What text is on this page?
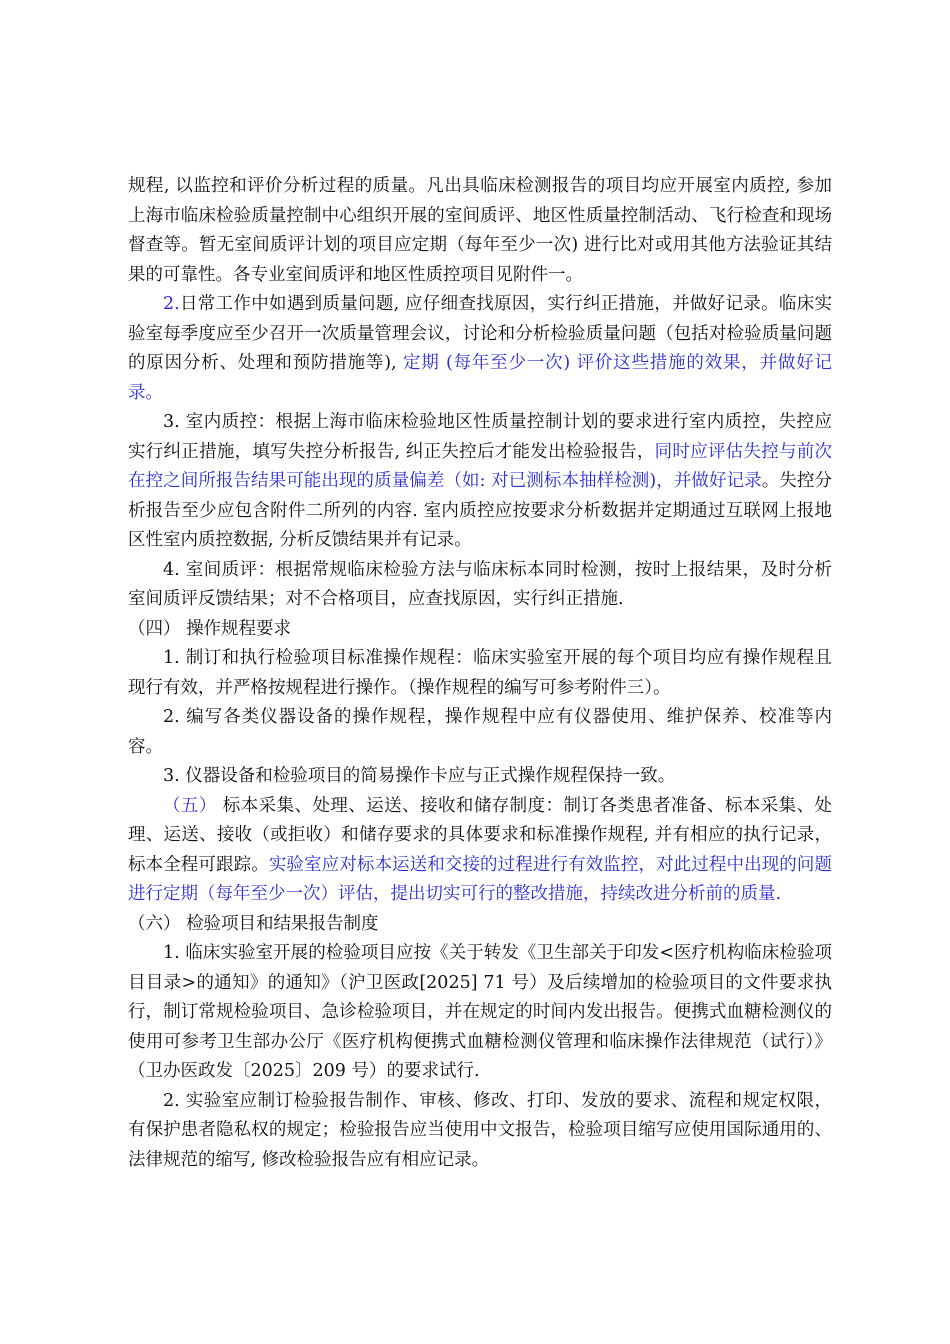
规程, 以监控和评价分析过程的质量。凡出具临床检测报告的项目均应开展室内质控, 参加上海市临床检验质量控制中心组织开展的室间质评、地区性质量控制活动、飞行检查和现场督查等。暂无室间质评计划的项目应定期（每年至少一次) 进行比对或用其他方法验证其结果的可靠性。各专业室间质评和地区性质控项目见附件一。

2.日常工作中如遇到质量问题, 应仔细查找原因，实行纠正措施，并做好记录。临床实验室每季度应至少召开一次质量管理会议，讨论和分析检验质量问题（包括对检验质量问题的原因分析、处理和预防措施等), 定期 (每年至少一次) 评价这些措施的效果，并做好记录。

3. 室内质控：根据上海市临床检验地区性质量控制计划的要求进行室内质控，失控应实行纠正措施，填写失控分析报告, 纠正失控后才能发出检验报告，同时应评估失控与前次在控之间所报告结果可能出现的质量偏差（如: 对已测标本抽样检测)，并做好记录。失控分析报告至少应包含附件二所列的内容. 室内质控应按要求分析数据并定期通过互联网上报地区性室内质控数据, 分析反馈结果并有记录。

4. 室间质评：根据常规临床检验方法与临床标本同时检测，按时上报结果，及时分析室间质评反馈结果；对不合格项目，应查找原因，实行纠正措施.

（四） 操作规程要求

1. 制订和执行检验项目标准操作规程：临床实验室开展的每个项目均应有操作规程且现行有效，并严格按规程进行操作。（操作规程的编写可参考附件三）。

2. 编写各类仪器设备的操作规程，操作规程中应有仪器使用、维护保养、校准等内容。

3. 仪器设备和检验项目的简易操作卡应与正式操作规程保持一致。

（五） 标本采集、处理、运送、接收和储存制度：制订各类患者准备、标本采集、处理、运送、接收（或拒收）和储存要求的具体要求和标准操作规程, 并有相应的执行记录，标本全程可跟踪。实验室应对标本运送和交接的过程进行有效监控，对此过程中出现的问题进行定期（每年至少一次）评估，提出切实可行的整改措施，持续改进分析前的质量.

（六） 检验项目和结果报告制度

1. 临床实验室开展的检验项目应按《关于转发《卫生部关于印发<医疗机构临床检验项目目录>的通知》的通知》（沪卫医政[2025] 71 号）及后续增加的检验项目的文件要求执行，制订常规检验项目、急诊检验项目，并在规定的时间内发出报告。便携式血糖检测仪的使用可参考卫生部办公厅《医疗机构便携式血糖检测仪管理和临床操作法律规范（试行）》（卫办医政发〔2025〕209 号）的要求试行.

2. 实验室应制订检验报告制作、审核、修改、打印、发放的要求、流程和规定权限，有保护患者隐私权的规定；检验报告应当使用中文报告，检验项目缩写应使用国际通用的、法律规范的缩写, 修改检验报告应有相应记录。
